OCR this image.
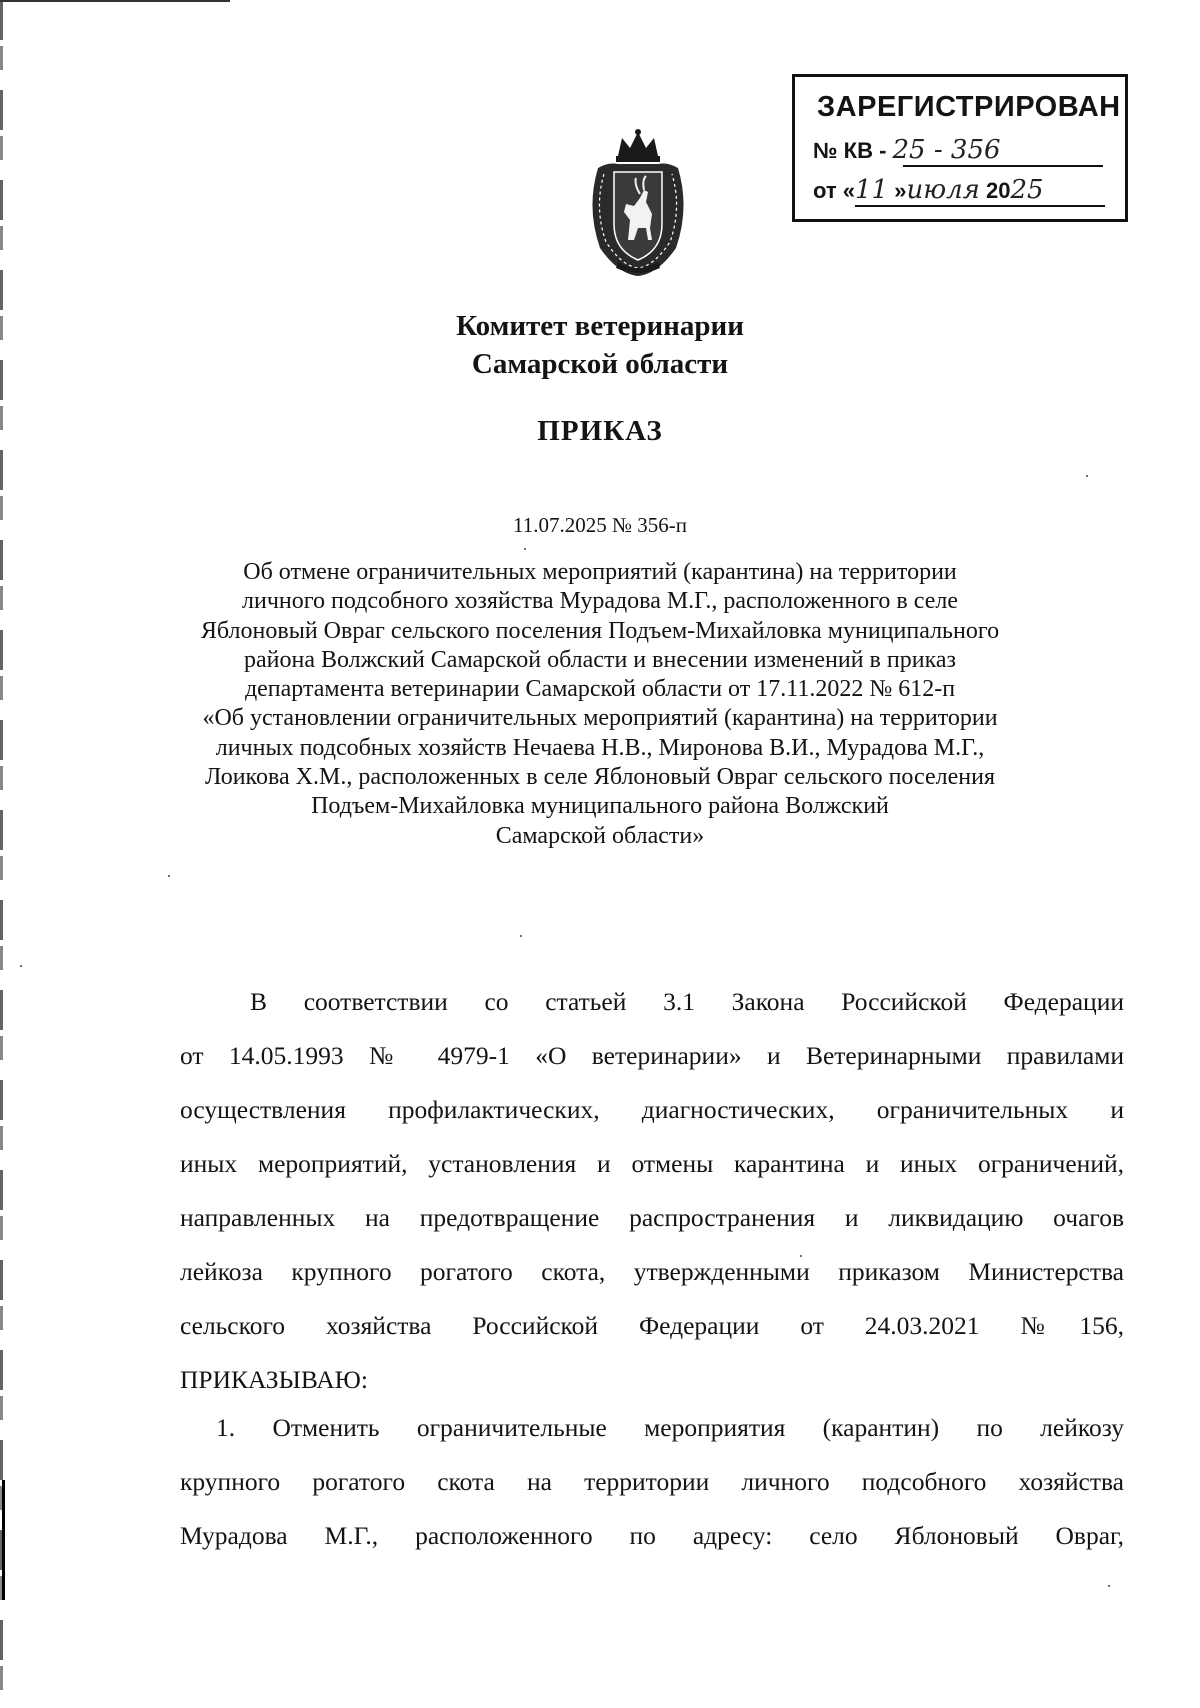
ЗАРЕГИСТРИРОВАН
№ КВ - 25 - 356
от «11 »июля 2025
Комитет ветеринарии
Самарской области
ПРИКАЗ
11.07.2025 № 356-п
Об отмене ограничительных мероприятий (карантина) на территории
личного подсобного хозяйства Мурадова М.Г., расположенного в селе
Яблоновый Овраг сельского поселения Подъем-Михайловка муниципального
района Волжский Самарской области и внесении изменений в приказ
департамента ветеринарии Самарской области от 17.11.2022 № 612-п
«Об установлении ограничительных мероприятий (карантина) на территории
личных подсобных хозяйств Нечаева Н.В., Миронова В.И., Мурадова М.Г.,
Лоикова Х.М., расположенных в селе Яблоновый Овраг сельского поселения
Подъем-Михайловка муниципального района Волжский
Самарской области»
В соответствии со статьей 3.1 Закона Российской Федерации
от 14.05.1993 № 4979-1 «О ветеринарии» и Ветеринарными правилами
осуществления профилактических, диагностических, ограничительных и
иных мероприятий, установления и отмены карантина и иных ограничений,
направленных на предотвращение распространения и ликвидацию очагов
лейкоза крупного рогатого скота, утвержденными приказом Министерства
сельского хозяйства Российской Федерации от 24.03.2021 №156,
ПРИКАЗЫВАЮ:
1. Отменить ограничительные мероприятия (карантин) по лейкозу
крупного рогатого скота на территории личного подсобного хозяйства
Мурадова М.Г., расположенного по адресу: село Яблоновый Овраг,
